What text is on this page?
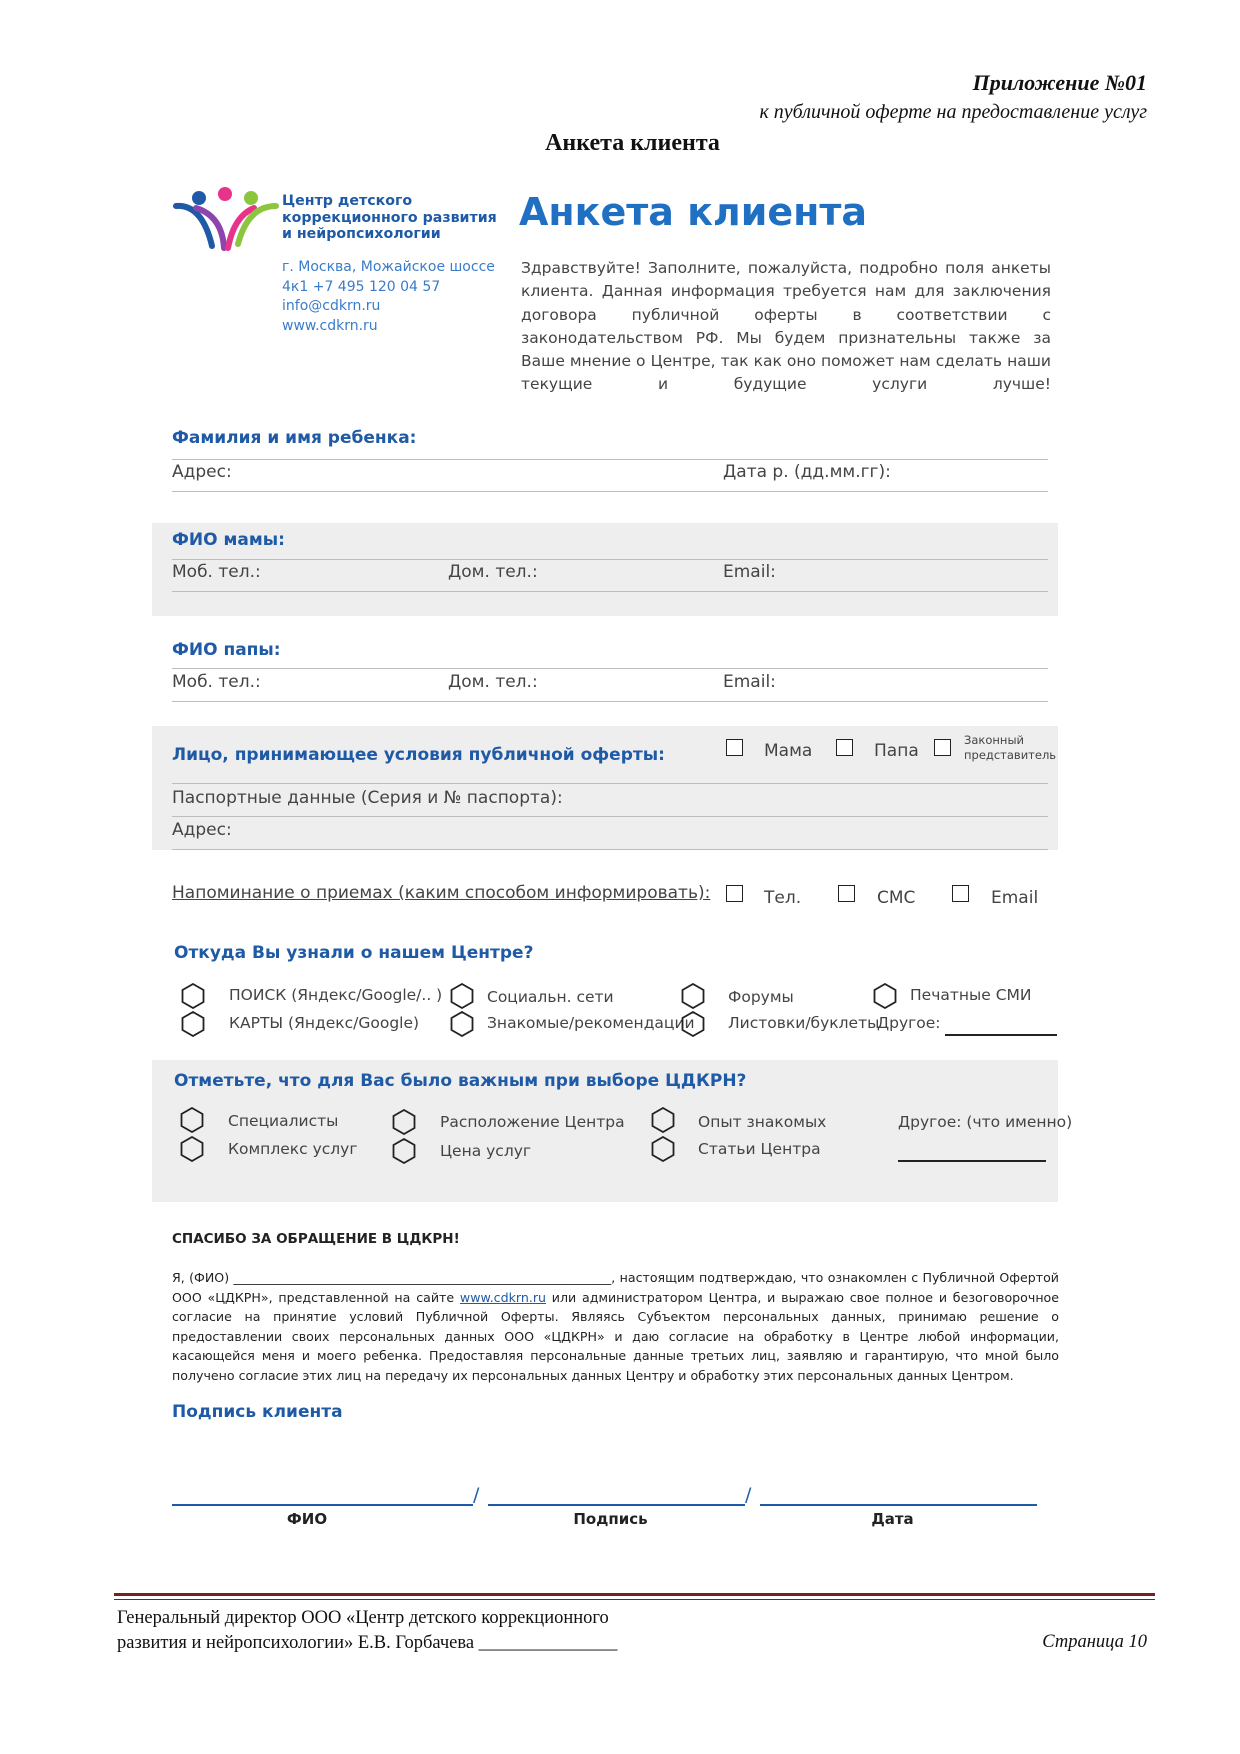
Приложение №01
к публичной оферте на предоставление услуг
Анкета клиента
Центр детского
коррекционного развития
и нейропсихологии
г. Москва, Можайское шоссе
4к1 +7 495 120 04 57
info@cdkrn.ru
www.cdkrn.ru
Анкета клиента
Здравствуйте! Заполните, пожалуйста, подробно поля анкеты клиента. Данная информация требуется нам для заключения договора публичной оферты в соответствии с законодательством РФ. Мы будем признательны также за Ваше мнение о Центре, так как оно поможет нам сделать наши текущие и будущие услуги лучше!
Фамилия и имя ребенка:
Адрес:	Дата р. (дд.мм.гг):
ФИО мамы:
Моб. тел.:	Дом. тел.:	Email:
ФИО папы:
Моб. тел.:	Дом. тел.:	Email:
Лицо, принимающее условия публичной оферты:	Мама	Папа
Законный
представитель
Паспортные данные (Серия и № паспорта):
Адрес:
Напоминание о приемах (каким способом информировать):	Тел.	СМС	Email
Откуда Вы узнали о нашем Центре?
ПОИСК (Яндекс/Google/.. )
КАРТЫ (Яндекс/Google)
Социальн. сети
Знакомые/рекомендации
Форумы
Листовки/буклеты
Печатные СМИ
Другое:
Отметьте, что для Вас было важным при выборе ЦДКРН?
Специалисты
Комплекс услуг
Расположение Центра
Цена услуг
Опыт знакомых
Статьи Центра
Другое: (что именно)
СПАСИБО ЗА ОБРАЩЕНИЕ В ЦДКРН!
Я, (ФИО) ____________________________________________________________, настоящим подтверждаю, что ознакомлен с Публичной Офертой ООО «ЦДКРН», представленной на сайте www.cdkrn.ru или администратором Центра, и выражаю свое полное и безоговорочное согласие на принятие условий Публичной Оферты. Являясь Субъектом персональных данных, принимаю решение о предоставлении своих персональных данных ООО «ЦДКРН» и даю согласие на обработку в Центре любой информации, касающейся меня и моего ребенка. Предоставляя персональные данные третьих лиц, заявляю и гарантирую, что мной было получено согласие этих лиц на передачу их персональных данных Центру и обработку этих персональных данных Центром.
Подпись клиента
/	/
ФИО	Подпись	Дата
Генеральный директор ООО «Центр детского коррекционного
развития и нейропсихологии» Е.В. Горбачева _______________	Страница 10
